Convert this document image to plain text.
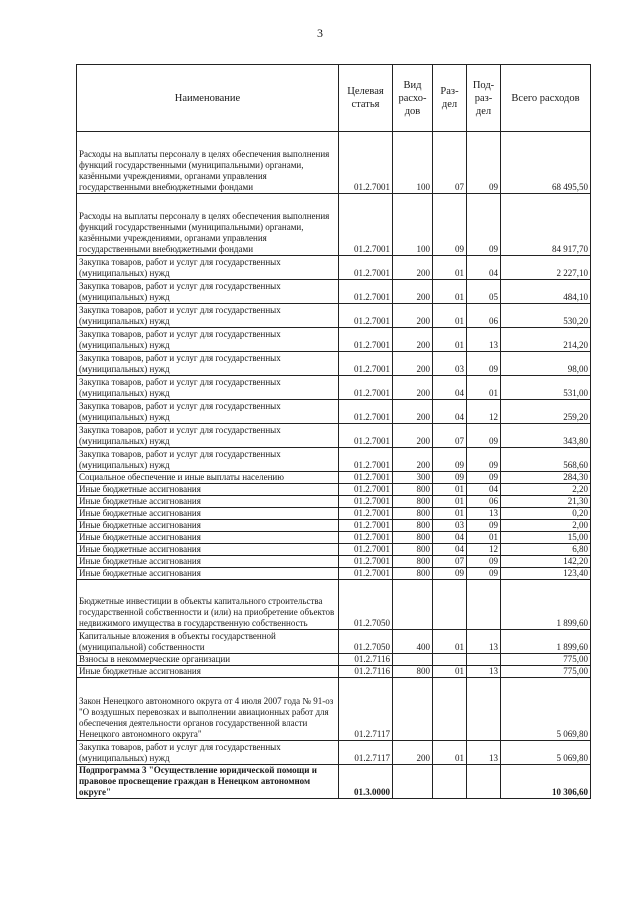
3
Наименование	Целевая статья	Вид расхо-дов	Раз-дел	Под-раз-дел	Всего расходов
Расходы на выплаты персоналу в целях обеспечения выполнения функций государственными (муниципальными) органами, казёнными учреждениями, органами управления государственными внебюджетными фондами	01.2.7001	100	07	09	68 495,50
Расходы на выплаты персоналу в целях обеспечения выполнения функций государственными (муниципальными) органами, казёнными учреждениями, органами управления государственными внебюджетными фондами	01.2.7001	100	09	09	84 917,70
Закупка товаров, работ и услуг для государственных (муниципальных) нужд	01.2.7001	200	01	04	2 227,10
Закупка товаров, работ и услуг для государственных (муниципальных) нужд	01.2.7001	200	01	05	484,10
Закупка товаров, работ и услуг для государственных (муниципальных) нужд	01.2.7001	200	01	06	530,20
Закупка товаров, работ и услуг для государственных (муниципальных) нужд	01.2.7001	200	01	13	214,20
Закупка товаров, работ и услуг для государственных (муниципальных) нужд	01.2.7001	200	03	09	98,00
Закупка товаров, работ и услуг для государственных (муниципальных) нужд	01.2.7001	200	04	01	531,00
Закупка товаров, работ и услуг для государственных (муниципальных) нужд	01.2.7001	200	04	12	259,20
Закупка товаров, работ и услуг для государственных (муниципальных) нужд	01.2.7001	200	07	09	343,80
Закупка товаров, работ и услуг для государственных (муниципальных) нужд	01.2.7001	200	09	09	568,60
Социальное обеспечение и иные выплаты населению	01.2.7001	300	09	09	284,30
Иные бюджетные ассигнования	01.2.7001	800	01	04	2,20
Иные бюджетные ассигнования	01.2.7001	800	01	06	21,30
Иные бюджетные ассигнования	01.2.7001	800	01	13	0,20
Иные бюджетные ассигнования	01.2.7001	800	03	09	2,00
Иные бюджетные ассигнования	01.2.7001	800	04	01	15,00
Иные бюджетные ассигнования	01.2.7001	800	04	12	6,80
Иные бюджетные ассигнования	01.2.7001	800	07	09	142,20
Иные бюджетные ассигнования	01.2.7001	800	09	09	123,40
Бюджетные инвестиции в объекты капитального строительства государственной собственности и (или) на приобретение объектов недвижимого имущества в государственную собственность	01.2.7050				1 899,60
Капитальные вложения в объекты государственной (муниципальной) собственности	01.2.7050	400	01	13	1 899,60
Взносы в некоммерческие организации	01.2.7116				775,00
Иные бюджетные ассигнования	01.2.7116	800	01	13	775,00
Закон Ненецкого автономного округа от 4 июля 2007 года № 91-оз "О воздушных перевозках и выполнении авиационных работ для обеспечения деятельности органов государственной власти Ненецкого автономного округа"	01.2.7117				5 069,80
Закупка товаров, работ и услуг для государственных (муниципальных) нужд	01.2.7117	200	01	13	5 069,80
Подпрограмма 3 "Осуществление юридической помощи и правовое просвещение граждан в Ненецком автономном округе"	01.3.0000				10 306,60
